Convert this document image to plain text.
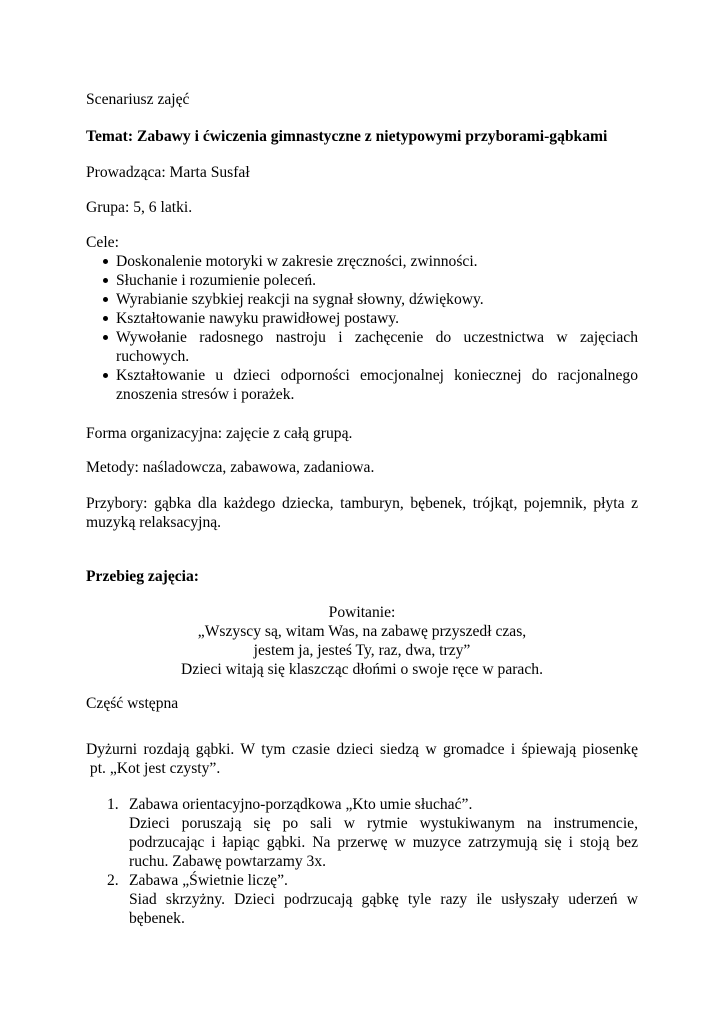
Scenariusz zajęć
Temat: Zabawy i ćwiczenia gimnastyczne z nietypowymi przyborami-gąbkami
Prowadząca: Marta Susfał
Grupa: 5, 6 latki.
Cele:
Doskonalenie motoryki w zakresie zręczności, zwinności.
Słuchanie i rozumienie poleceń.
Wyrabianie szybkiej reakcji na sygnał słowny, dźwiękowy.
Kształtowanie nawyku prawidłowej postawy.
Wywołanie radosnego nastroju i zachęcenie do uczestnictwa w zajęciach ruchowych.
Kształtowanie u dzieci odporności emocjonalnej koniecznej do racjonalnego znoszenia stresów i porażek.
Forma organizacyjna: zajęcie z całą grupą.
Metody: naśladowcza, zabawowa, zadaniowa.
Przybory: gąbka dla każdego dziecka, tamburyn, bębenek, trójkąt, pojemnik, płyta z muzyką relaksacyjną.
Przebieg zajęcia:
Powitanie:
„Wszyscy są, witam Was, na zabawę przyszedł czas,
jestem ja, jesteś Ty, raz, dwa, trzy”
Dzieci witają się klaszcząc dłońmi o swoje ręce w parach.
Część wstępna
Dyżurni rozdają gąbki. W tym czasie dzieci siedzą w gromadce i śpiewają piosenkę
pt. „Kot jest czysty”.
1. Zabawa orientacyjno-porządkowa „Kto umie słuchać”.
Dzieci poruszają się po sali w rytmie wystukiwanym na instrumencie, podrzucając i łapiąc gąbki. Na przerwę w muzyce zatrzymują się i stoją bez ruchu. Zabawę powtarzamy 3x.
2. Zabawa „Świetnie liczę”.
Siad skrzyżny. Dzieci podrzucają gąbkę tyle razy ile usłyszały uderzeń w bębenek.
